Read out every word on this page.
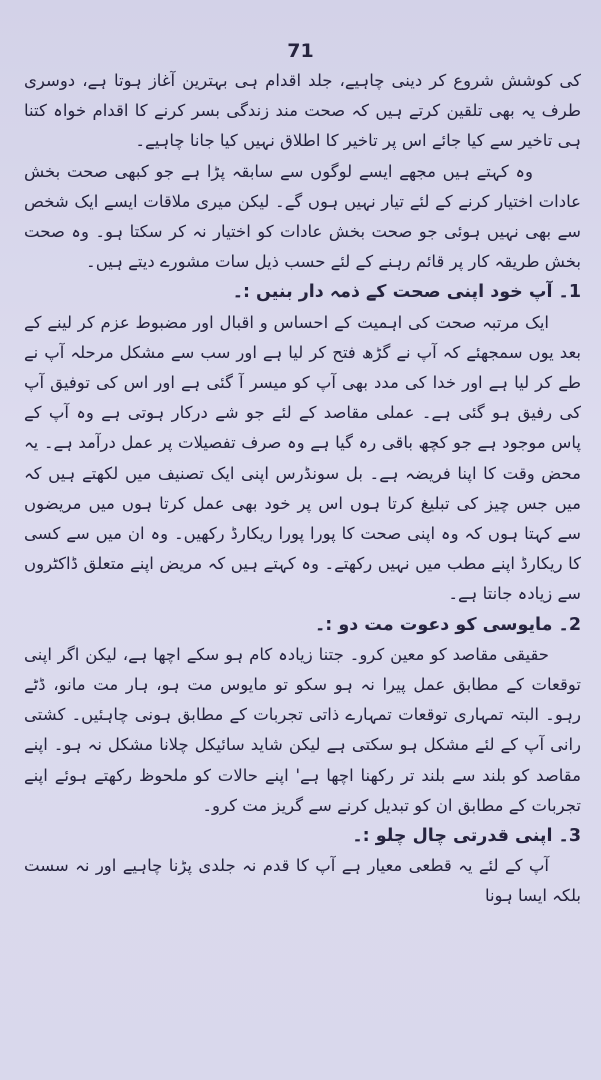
71

کی کوشش شروع کر دینی چاہیے، جلد اقدام ہی بہترین آغاز ہوتا ہے، دوسری طرف یہ بھی تلقین کرتے ہیں کہ صحت مند زندگی بسر کرنے کا اقدام خواہ کتنا ہی تاخیر سے کیا جائے اس پر تاخیر کا اطلاق نہیں کیا جانا چاہیے۔

وہ کہتے ہیں مجھے ایسے لوگوں سے سابقہ پڑا ہے جو کبھی صحت بخش عادات اختیار کرنے کے لئے تیار نہیں ہوں گے۔ لیکن میری ملاقات ایسے ایک شخص سے بھی نہیں ہوئی جو صحت بخش عادات کو اختیار نہ کر سکتا ہو۔ وہ صحت بخش طریقہ کار پر قائم رہنے کے لئے حسب ذیل سات مشورے دیتے ہیں۔

1۔ آپ خود اپنی صحت کے ذمہ دار بنیں :۔

ایک مرتبہ صحت کی اہمیت کے احساس و اقبال اور مضبوط عزم کر لینے کے بعد یوں سمجھئے کہ آپ نے گڑھ فتح کر لیا ہے اور سب سے مشکل مرحلہ آپ نے طے کر لیا ہے اور خدا کی مدد بھی آپ کو میسر آ گئی ہے اور اس کی توفیق آپ کی رفیق ہو گئی ہے۔ عملی مقاصد کے لئے جو شے درکار ہوتی ہے وہ آپ کے پاس موجود ہے جو کچھ باقی رہ گیا ہے وہ صرف تفصیلات پر عمل درآمد ہے۔ یہ محض وقت کا اپنا فریضہ ہے۔ بل سونڈرس اپنی ایک تصنیف میں لکھتے ہیں کہ میں جس چیز کی تبلیغ کرتا ہوں اس پر خود بھی عمل کرتا ہوں میں مریضوں سے کہتا ہوں کہ وہ اپنی صحت کا پورا پورا ریکارڈ رکھیں۔ وہ ان میں سے کسی کا ریکارڈ اپنے مطب میں نہیں رکھتے۔ وہ کہتے ہیں کہ مریض اپنے متعلق ڈاکٹروں سے زیادہ جانتا ہے۔

2۔ مایوسی کو دعوت مت دو :۔

حقیقی مقاصد کو معین کرو۔ جتنا زیادہ کام ہو سکے اچھا ہے، لیکن اگر اپنی توقعات کے مطابق عمل پیرا نہ ہو سکو تو مایوس مت ہو، ہار مت مانو، ڈٹے رہو۔ البتہ تمہاری توقعات تمہارے ذاتی تجربات کے مطابق ہونی چاہئیں۔ کشتی رانی آپ کے لئے مشکل ہو سکتی ہے لیکن شاید سائیکل چلانا مشکل نہ ہو۔ اپنے مقاصد کو بلند سے بلند تر رکھنا اچھا ہے' اپنے حالات کو ملحوظ رکھتے ہوئے اپنے تجربات کے مطابق ان کو تبدیل کرنے سے گریز مت کرو۔

3۔ اپنی قدرتی چال چلو :۔

آپ کے لئے یہ قطعی معیار ہے آپ کا قدم نہ جلدی پڑنا چاہیے اور نہ سست بلکہ ایسا ہونا
